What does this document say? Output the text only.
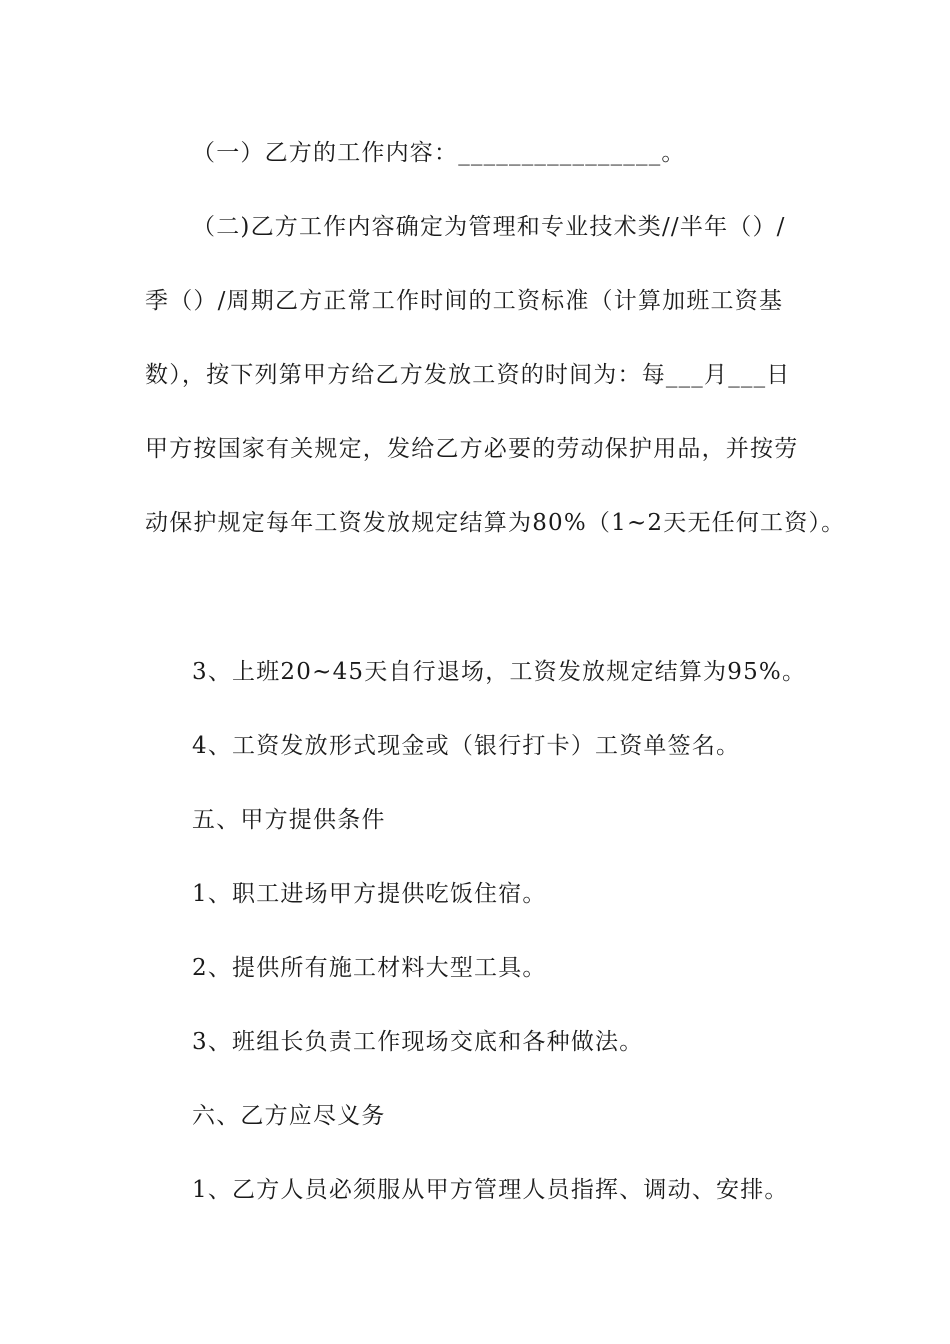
（一）乙方的工作内容：________________。
（二)乙方工作内容确定为管理和专业技术类//半年（）/
季（）/周期乙方正常工作时间的工资标准（计算加班工资基
数），按下列第甲方给乙方发放工资的时间为：每___月___日
甲方按国家有关规定，发给乙方必要的劳动保护用品，并按劳
动保护规定每年工资发放规定结算为80%（1~2天无任何工资）。
3、上班20~45天自行退场，工资发放规定结算为95%。
4、工资发放形式现金或（银行打卡）工资单签名。
五、甲方提供条件
1、职工进场甲方提供吃饭住宿。
2、提供所有施工材料大型工具。
3、班组长负责工作现场交底和各种做法。
六、乙方应尽义务
1、乙方人员必须服从甲方管理人员指挥、调动、安排。
